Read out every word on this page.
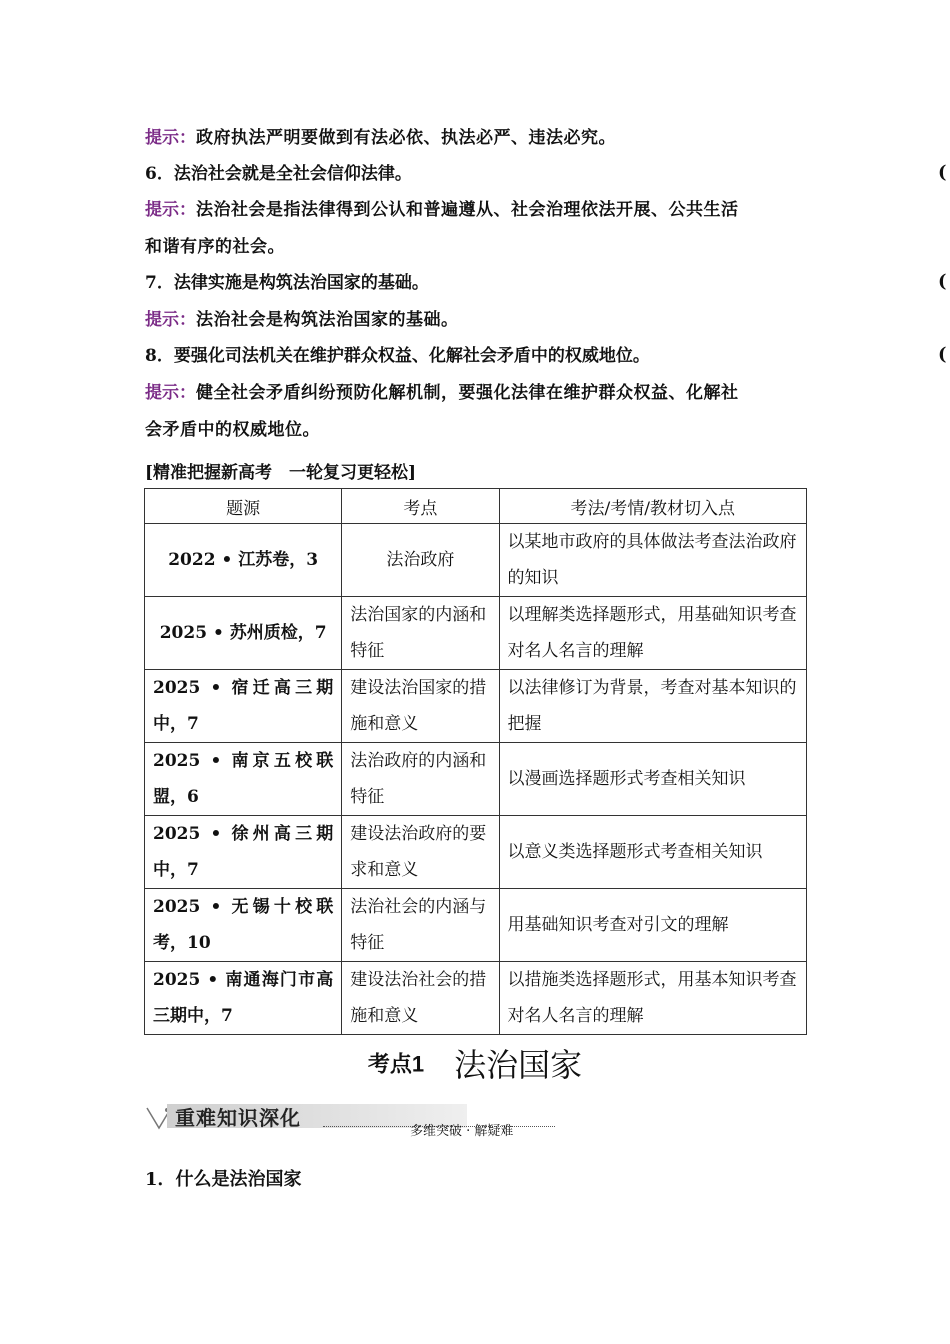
提示：政府执法严明要做到有法必依、执法必严、违法必究。
6．法治社会就是全社会信仰法律。	(
提示：法治社会是指法律得到公认和普遍遵从、社会治理依法开展、公共生活
和谐有序的社会。
7．法律实施是构筑法治国家的基础。	(
提示：法治社会是构筑法治国家的基础。
8．要强化司法机关在维护群众权益、化解社会矛盾中的权威地位。	(
提示：健全社会矛盾纠纷预防化解机制，要强化法律在维护群众权益、化解社
会矛盾中的权威地位。
[精准把握新高考　一轮复习更轻松]
题源	考点	考法/考情/教材切入点
2022 • 江苏卷，3	法治政府	以某地市政府的具体做法考查法治政府的知识
2025 • 苏州质检，7	法治国家的内涵和特征	以理解类选择题形式，用基础知识考查对名人名言的理解
2025 • 宿迁高三期中，7	建设法治国家的措施和意义	以法律修订为背景，考查对基本知识的把握
2025 • 南京五校联盟，6	法治政府的内涵和特征	以漫画选择题形式考查相关知识
2025 • 徐州高三期中，7	建设法治政府的要求和意义	以意义类选择题形式考查相关知识
2025 • 无锡十校联考，10	法治社会的内涵与特征	用基础知识考查对引文的理解
2025 • 南通海门市高三期中，7	建设法治社会的措施和意义	以措施类选择题形式，用基本知识考查对名人名言的理解
考点1 法治国家
重难知识深化
多维突破 · 解疑难
1．什么是法治国家
